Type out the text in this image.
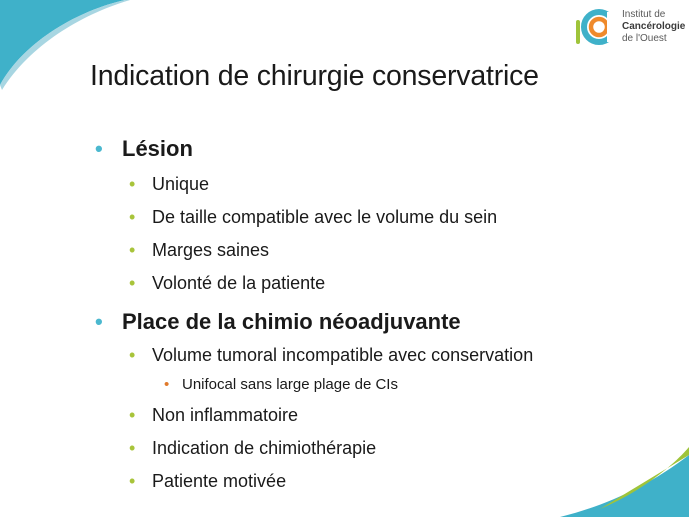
Institut de
Cancérologie
de l'Ouest
Indication de chirurgie conservatrice
• Lésion
• Unique
• De taille compatible avec le volume du sein
• Marges saines
• Volonté de la patiente
• Place de la chimio néoadjuvante
• Volume tumoral incompatible avec conservation
• Unifocal sans large plage de CIs
• Non inflammatoire
• Indication de chimiothérapie
• Patiente motivée
